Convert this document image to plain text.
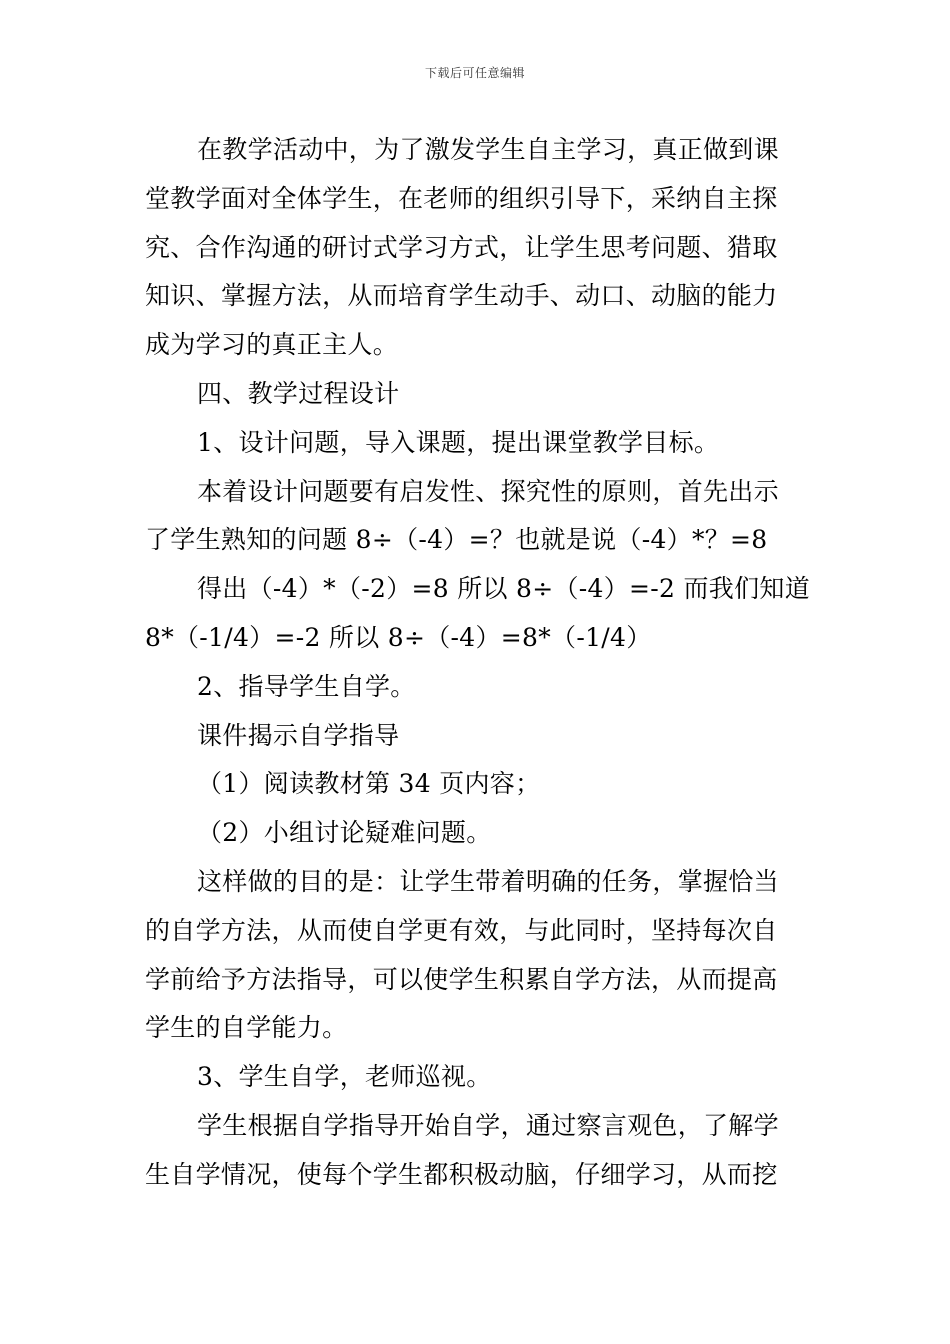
下载后可任意编辑
在教学活动中，为了激发学生自主学习，真正做到课
堂教学面对全体学生，在老师的组织引导下，采纳自主探
究、合作沟通的研讨式学习方式，让学生思考问题、猎取
知识、掌握方法，从而培育学生动手、动口、动脑的能力
成为学习的真正主人。
四、教学过程设计
1、设计问题，导入课题，提出课堂教学目标。
本着设计问题要有启发性、探究性的原则，首先出示
了学生熟知的问题 8÷（-4）=？也就是说（-4）*？=8
得出（-4）*（-2）=8 所以 8÷（-4）=-2 而我们知道
8*（-1/4）=-2 所以 8÷（-4）=8*（-1/4）
2、指导学生自学。
课件揭示自学指导
（1）阅读教材第 34 页内容；
（2）小组讨论疑难问题。
这样做的目的是：让学生带着明确的任务，掌握恰当
的自学方法，从而使自学更有效，与此同时，坚持每次自
学前给予方法指导，可以使学生积累自学方法，从而提高
学生的自学能力。
3、学生自学，老师巡视。
学生根据自学指导开始自学，通过察言观色，了解学
生自学情况，使每个学生都积极动脑，仔细学习，从而挖
